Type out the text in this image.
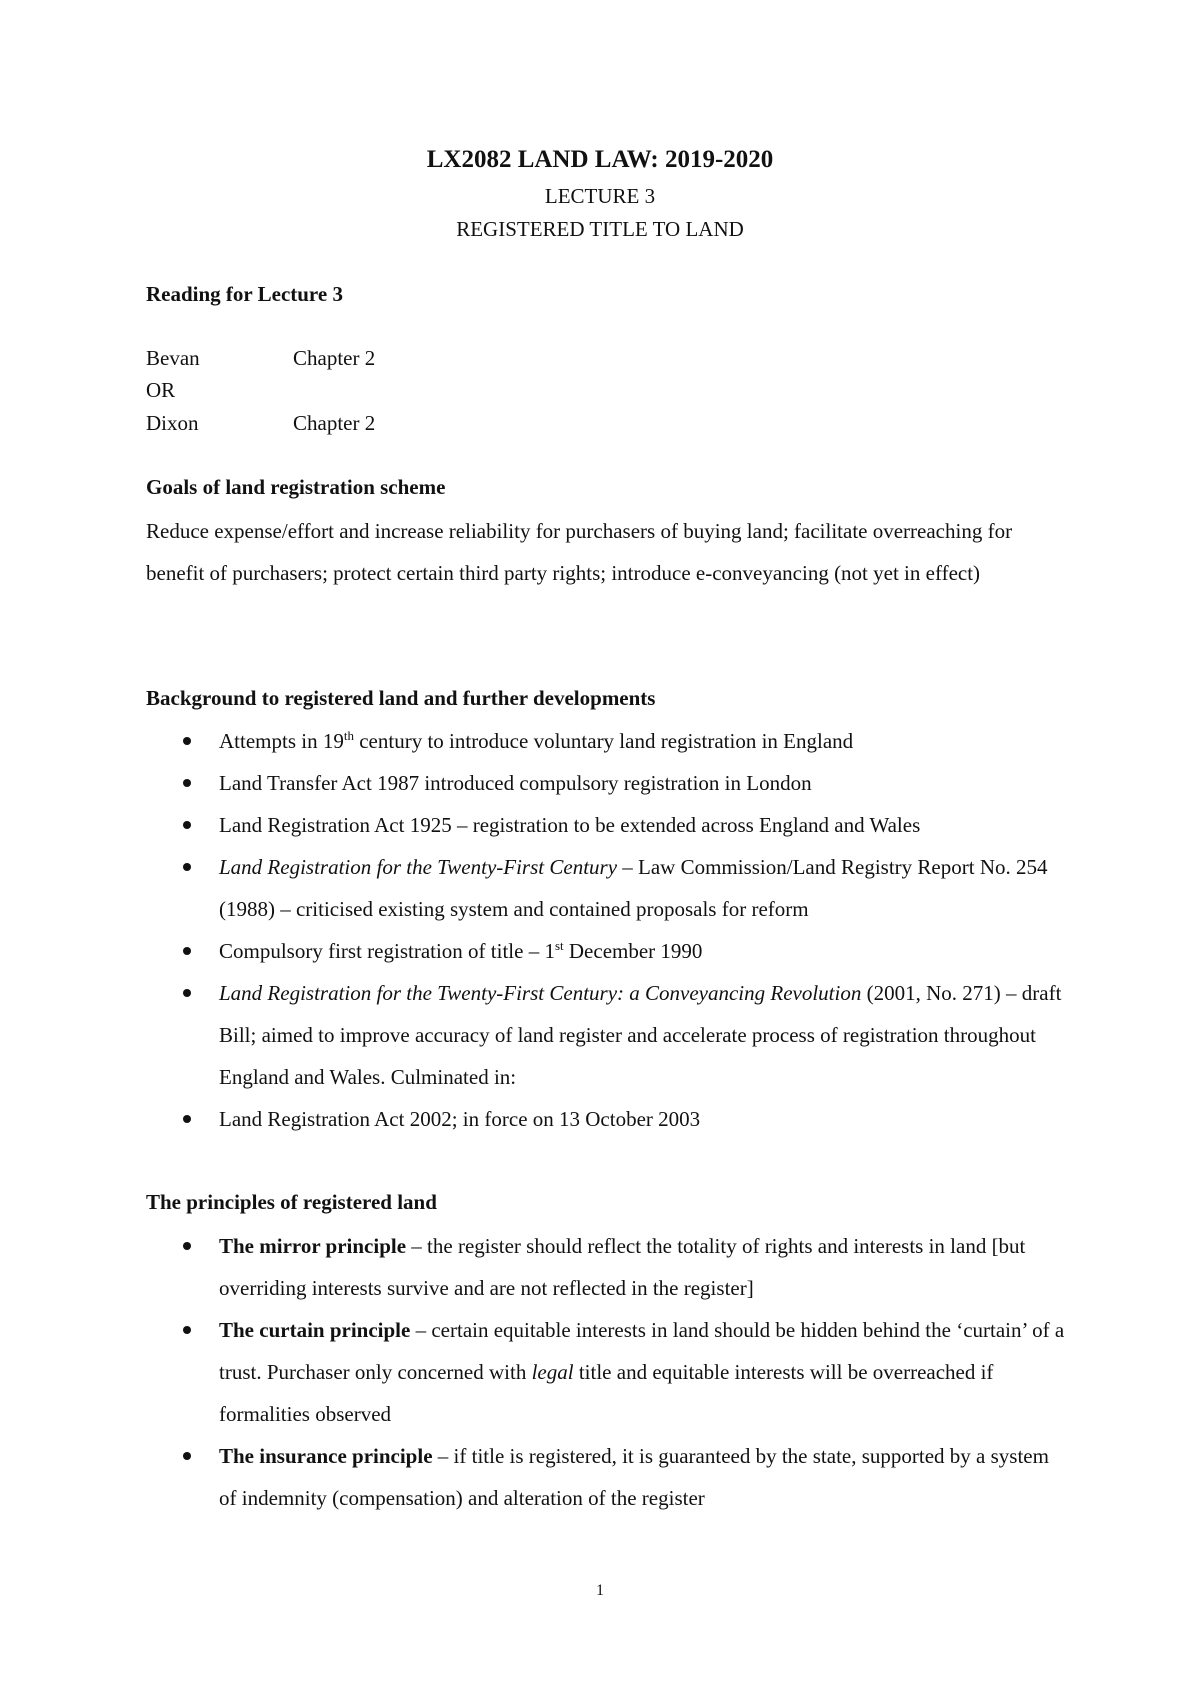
LX2082 LAND LAW: 2019-2020
LECTURE 3
REGISTERED TITLE TO LAND
Reading for Lecture 3
Bevan	Chapter 2
OR
Dixon	Chapter 2
Goals of land registration scheme
Reduce expense/effort and increase reliability for purchasers of buying land; facilitate overreaching for benefit of purchasers; protect certain third party rights; introduce e-conveyancing (not yet in effect)
Background to registered land and further developments
Attempts in 19th century to introduce voluntary land registration in England
Land Transfer Act 1987 introduced compulsory registration in London
Land Registration Act 1925 – registration to be extended across England and Wales
Land Registration for the Twenty-First Century – Law Commission/Land Registry Report No. 254 (1988) – criticised existing system and contained proposals for reform
Compulsory first registration of title – 1st December 1990
Land Registration for the Twenty-First Century: a Conveyancing Revolution (2001, No. 271) – draft Bill; aimed to improve accuracy of land register and accelerate process of registration throughout England and Wales. Culminated in:
Land Registration Act 2002; in force on 13 October 2003
The principles of registered land
The mirror principle – the register should reflect the totality of rights and interests in land [but overriding interests survive and are not reflected in the register]
The curtain principle – certain equitable interests in land should be hidden behind the ‘curtain’ of a trust. Purchaser only concerned with legal title and equitable interests will be overreached if formalities observed
The insurance principle – if title is registered, it is guaranteed by the state, supported by a system of indemnity (compensation) and alteration of the register
1
